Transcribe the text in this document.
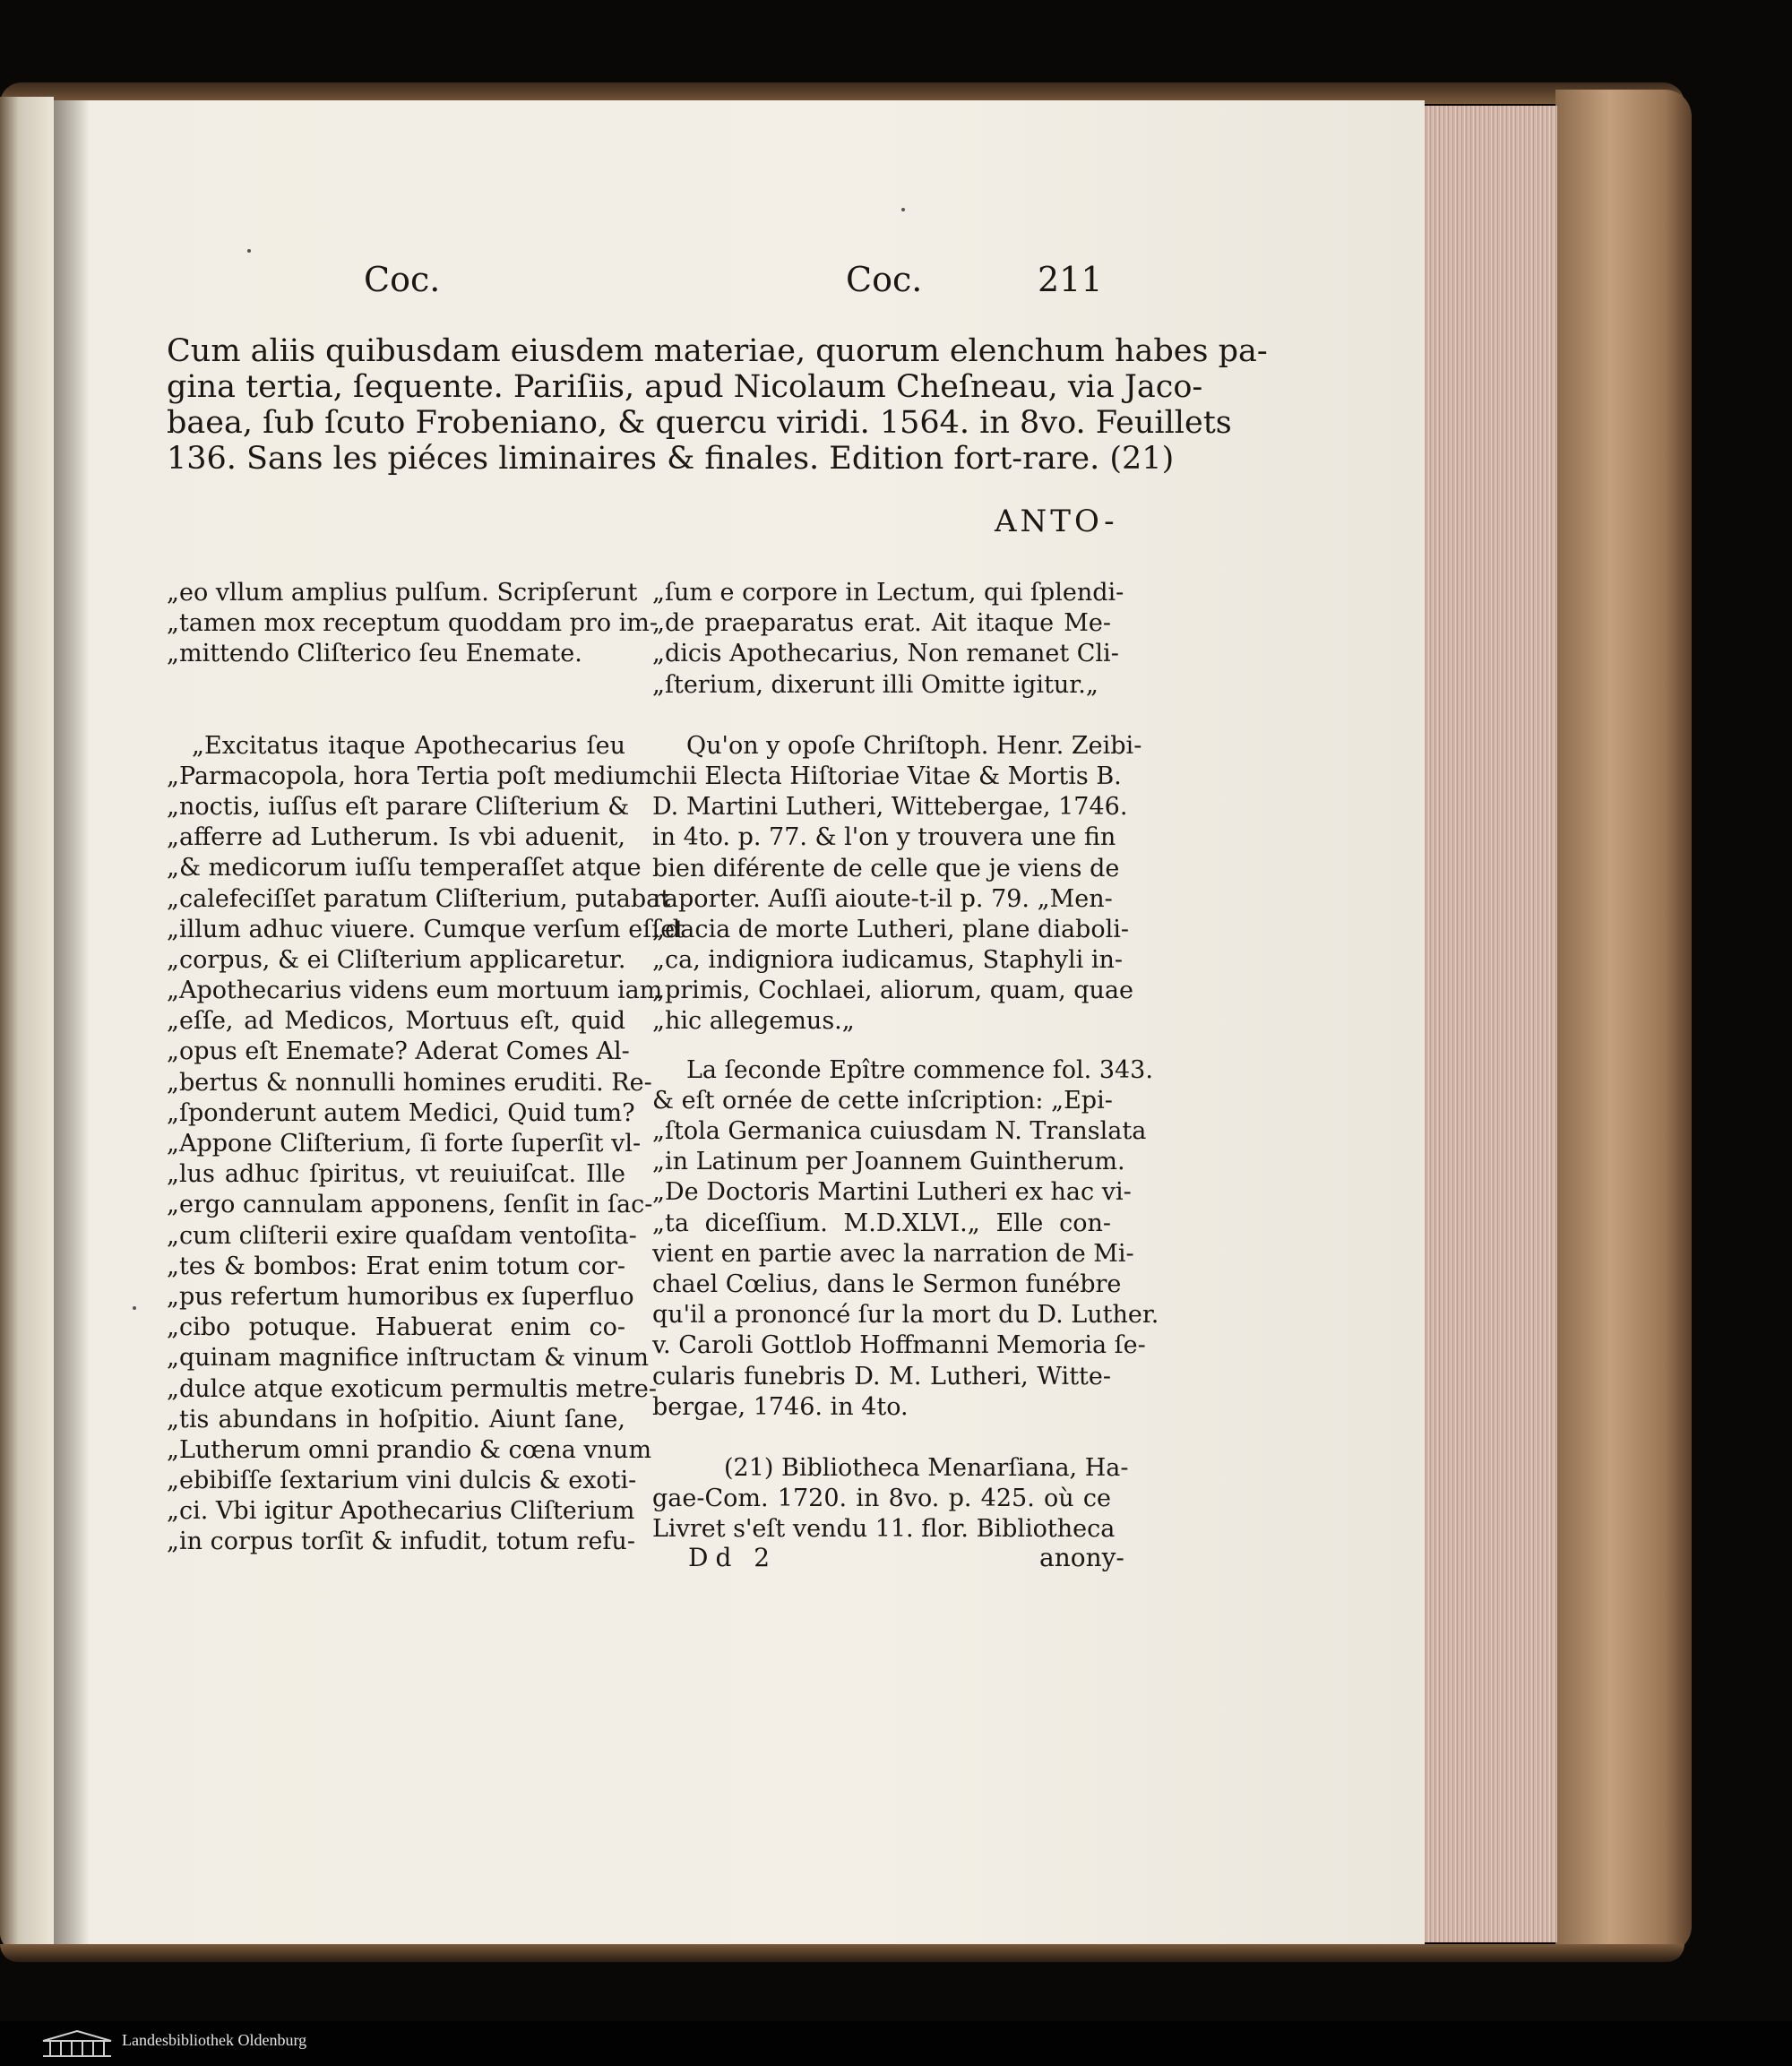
Coc.	Coc.	211
Cum aliis quibusdam eiusdem materiae, quorum elenchum habes pa-
gina tertia, ſequente. Pariſiis, apud Nicolaum Cheſneau, via Jaco-
baea, ſub ſcuto Frobeniano, & quercu viridi. 1564. in 8vo. Feuillets
136. Sans les piéces liminaires & finales. Edition fort-rare. (21)
ANTO-
„eo vllum amplius pulſum. Scripſerunt
„tamen mox receptum quoddam pro im-
„mittendo Cliſterico ſeu Enemate.
„Excitatus itaque Apothecarius ſeu
„Parmacopola, hora Tertia poſt medium
„noctis, iuſſus eſt parare Cliſterium &
„afferre ad Lutherum. Is vbi aduenit,
„& medicorum iuſſu temperaſſet atque
„calefeciſſet paratum Cliſterium, putabat
„illum adhuc viuere. Cumque verſum eſſet
„corpus, & ei Cliſterium applicaretur.
„Apothecarius videns eum mortuum iam
„eſſe, ad Medicos, Mortuus eſt, quid
„opus eſt Enemate? Aderat Comes Al-
„bertus & nonnulli homines eruditi. Re-
„ſponderunt autem Medici, Quid tum?
„Appone Cliſterium, ſi forte ſuperſit vl-
„lus adhuc ſpiritus, vt reuiuiſcat. Ille
„ergo cannulam apponens, ſenſit in ſac-
„cum cliſterii exire quaſdam ventoſita-
„tes & bombos: Erat enim totum cor-
„pus refertum humoribus ex ſuperfluo
„cibo potuque. Habuerat enim co-
„quinam magnifice inſtructam & vinum
„dulce atque exoticum permultis metre-
„tis abundans in hoſpitio. Aiunt ſane,
„Lutherum omni prandio & cœna vnum
„ebibiſſe ſextarium vini dulcis & exoti-
„ci. Vbi igitur Apothecarius Cliſterium
„in corpus torſit & infudit, totum refu-
„ſum e corpore in Lectum, qui ſplendi-
„de praeparatus erat. Ait itaque Me-
„dicis Apothecarius, Non remanet Cli-
„ſterium, dixerunt illi Omitte igitur.„
Qu'on y opoſe Chriſtoph. Henr. Zeibi-
chii Electa Hiſtoriae Vitae & Mortis B.
D. Martini Lutheri, Wittebergae, 1746.
in 4to. p. 77. & l'on y trouvera une fin
bien diférente de celle que je viens de
raporter. Auſſi aioute-t-il p. 79. „Men-
„dacia de morte Lutheri, plane diaboli-
„ca, indigniora iudicamus, Staphyli in-
„primis, Cochlaei, aliorum, quam, quae
„hic allegemus.„
La ſeconde Epître commence fol. 343.
& eſt ornée de cette inſcription: „Epi-
„ſtola Germanica cuiusdam N. Translata
„in Latinum per Joannem Guintherum.
„De Doctoris Martini Lutheri ex hac vi-
„ta diceſſium. M.D.XLVI.„ Elle con-
vient en partie avec la narration de Mi-
chael Cœlius, dans le Sermon funébre
qu'il a prononcé ſur la mort du D. Luther.
v. Caroli Gottlob Hoffmanni Memoria ſe-
cularis funebris D. M. Lutheri, Witte-
bergae, 1746. in 4to.
(21) Bibliotheca Menarſiana, Ha-
gae-Com. 1720. in 8vo. p. 425. où ce
Livret s'eſt vendu 11. flor. Bibliotheca
Dd 2	anony-
Landesbibliothek Oldenburg
